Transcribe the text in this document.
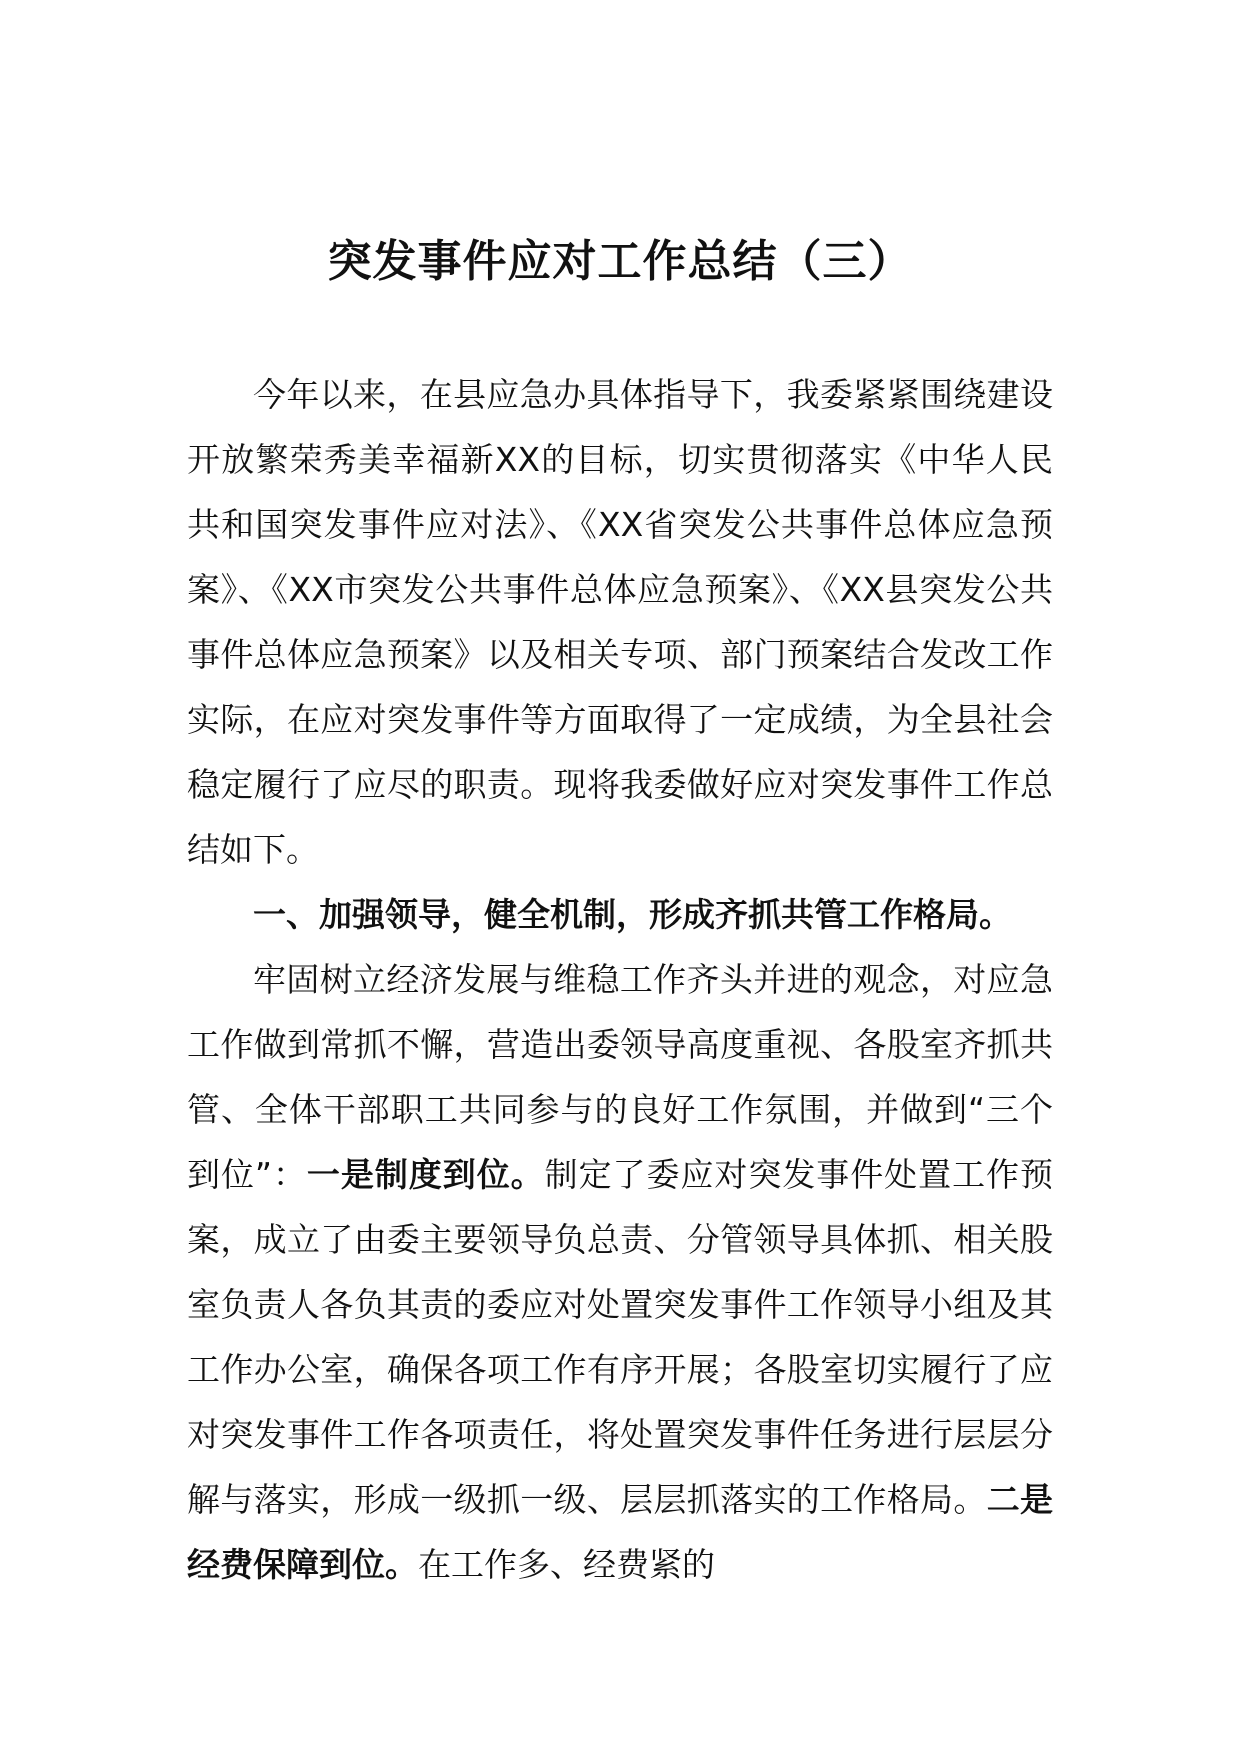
突发事件应对工作总结（三）

今年以来，在县应急办具体指导下，我委紧紧围绕建设开放繁荣秀美幸福新XX的目标，切实贯彻落实《中华人民共和国突发事件应对法》、《XX省突发公共事件总体应急预案》、《XX市突发公共事件总体应急预案》、《XX县突发公共事件总体应急预案》以及相关专项、部门预案结合发改工作实际，在应对突发事件等方面取得了一定成绩，为全县社会稳定履行了应尽的职责。现将我委做好应对突发事件工作总结如下。

一、加强领导，健全机制，形成齐抓共管工作格局。

牢固树立经济发展与维稳工作齐头并进的观念，对应急工作做到常抓不懈，营造出委领导高度重视、各股室齐抓共管、全体干部职工共同参与的良好工作氛围，并做到“三个到位”：一是制度到位。制定了委应对突发事件处置工作预案，成立了由委主要领导负总责、分管领导具体抓、相关股室负责人各负其责的委应对处置突发事件工作领导小组及其工作办公室，确保各项工作有序开展；各股室切实履行了应对突发事件工作各项责任，将处置突发事件任务进行层层分解与落实，形成一级抓一级、层层抓落实的工作格局。二是经费保障到位。在工作多、经费紧的
